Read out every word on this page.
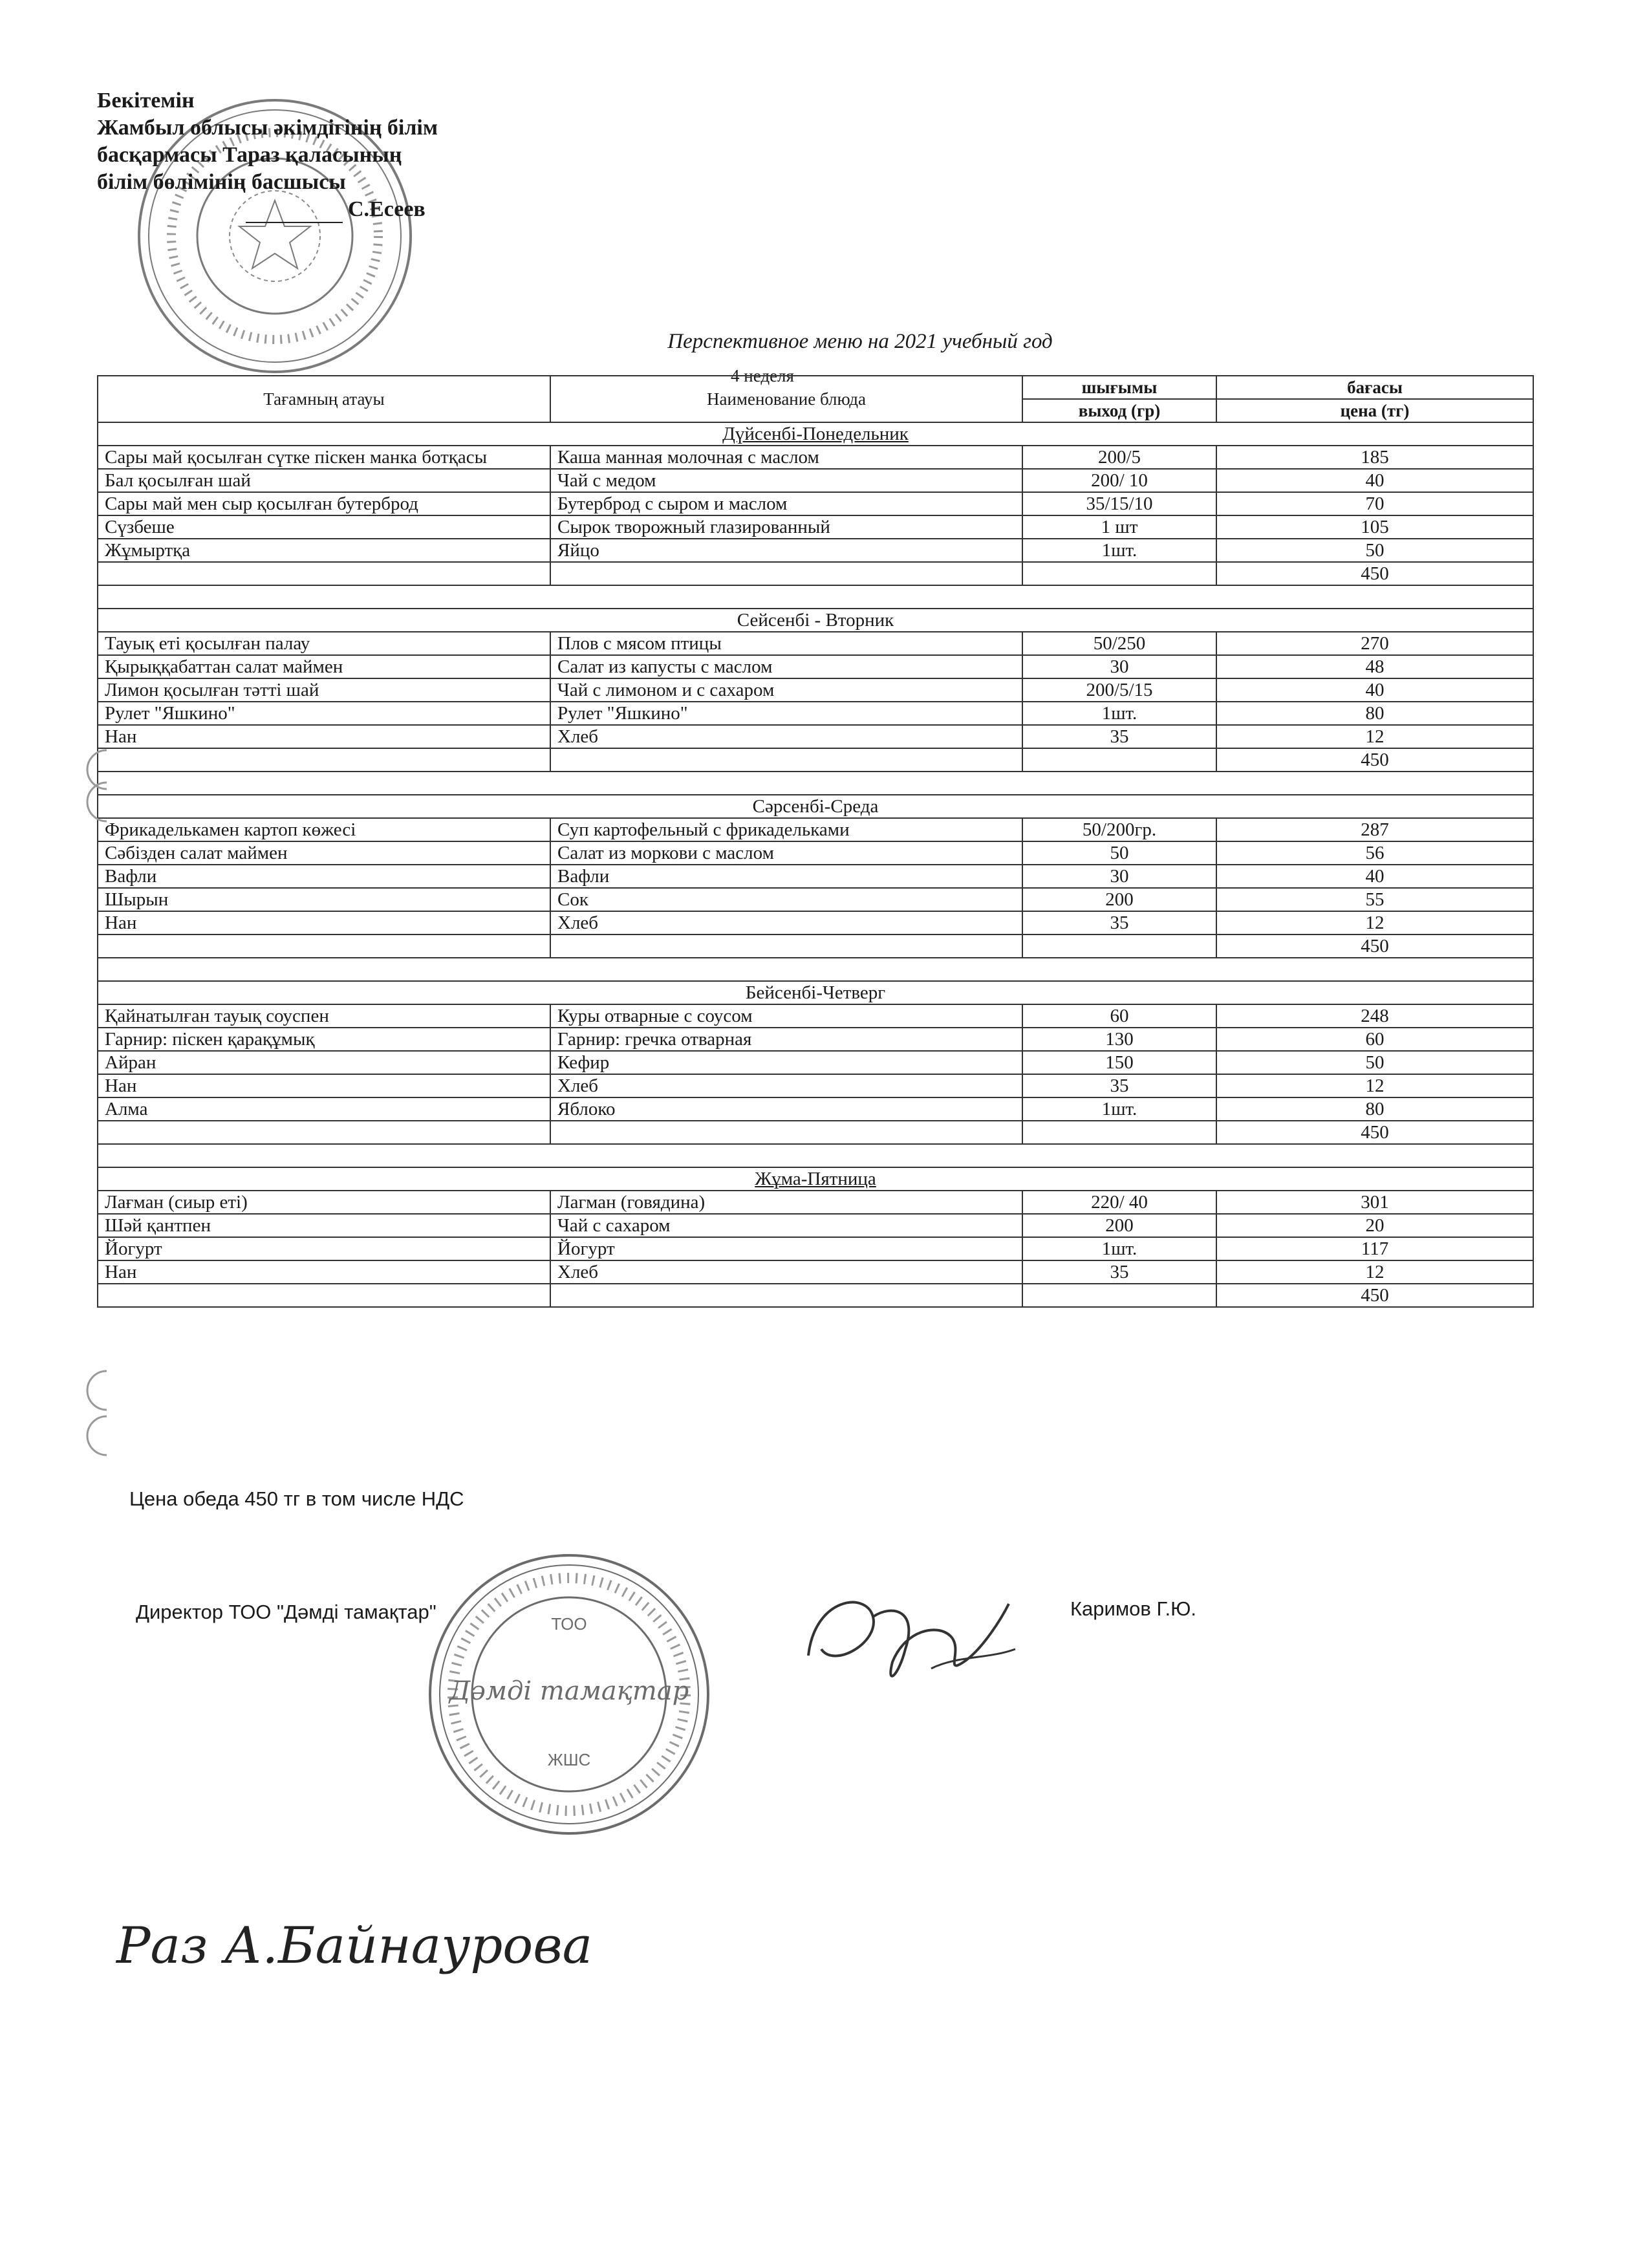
Бекітемін
Жамбыл облысы әкімдігінің білім
басқармасы Тараз қаласының
білім бөлімінің басшысы
С.Есеев
Перспективное меню на 2021 учебный год
4 неделя
Тағамның атауы	Наименование блюда	шығымы	бағасы
		выход (гр)	цена (тг)
Дүйсенбі-Понедельник			
Сары май қосылған сүтке піскен манка ботқасы	Каша манная молочная с маслом	200/5	185
Бал қосылған шай	Чай с медом	200/ 10	40
Сары май мен сыр қосылған бутерброд	Бутерброд с сыром и маслом	35/15/10	70
Сүзбеше	Сырок творожный глазированный	1 шт	105
Жұмыртқа	Яйцо	1шт.	50
			450

Сейсенбі - Вторник			
Тауық еті қосылған палау	Плов с мясом птицы	50/250	270
Қырыққабаттан салат маймен	Салат из капусты с маслом	30	48
Лимон қосылған тәтті шай	Чай с лимоном и с сахаром	200/5/15	40
Рулет "Яшкино"	Рулет "Яшкино"	1шт.	80
Нан	Хлеб	35	12
			450

Сәрсенбі-Среда			
Фрикаделькамен картоп көжесі	Суп картофельный с фрикадельками	50/200гр.	287
Сәбізден салат маймен	Салат из моркови с маслом	50	56
Вафли	Вафли	30	40
Шырын	Сок	200	55
Нан	Хлеб	35	12
			450

Бейсенбі-Четверг			
Қайнатылған тауық соуспен	Куры отварные с соусом	60	248
Гарнир: піскен қарақұмық	Гарнир: гречка отварная	130	60
Айран	Кефир	150	50
Нан	Хлеб	35	12
Алма	Яблоко	1шт.	80
			450

Жұма-Пятница			
Лағман (сиыр еті)	Лагман (говядина)	220/ 40	301
Шәй қантпен	Чай с сахаром	200	20
Йогурт	Йогурт	1шт.	117
Нан	Хлеб	35	12
			450
Цена обеда 450 тг в том числе НДС
Директор ТОО "Дәмді тамақтар"	Каримов Г.Ю.
ТОО
ЖШС
Дәмді тамақтар
Раз А.Байнаурова
